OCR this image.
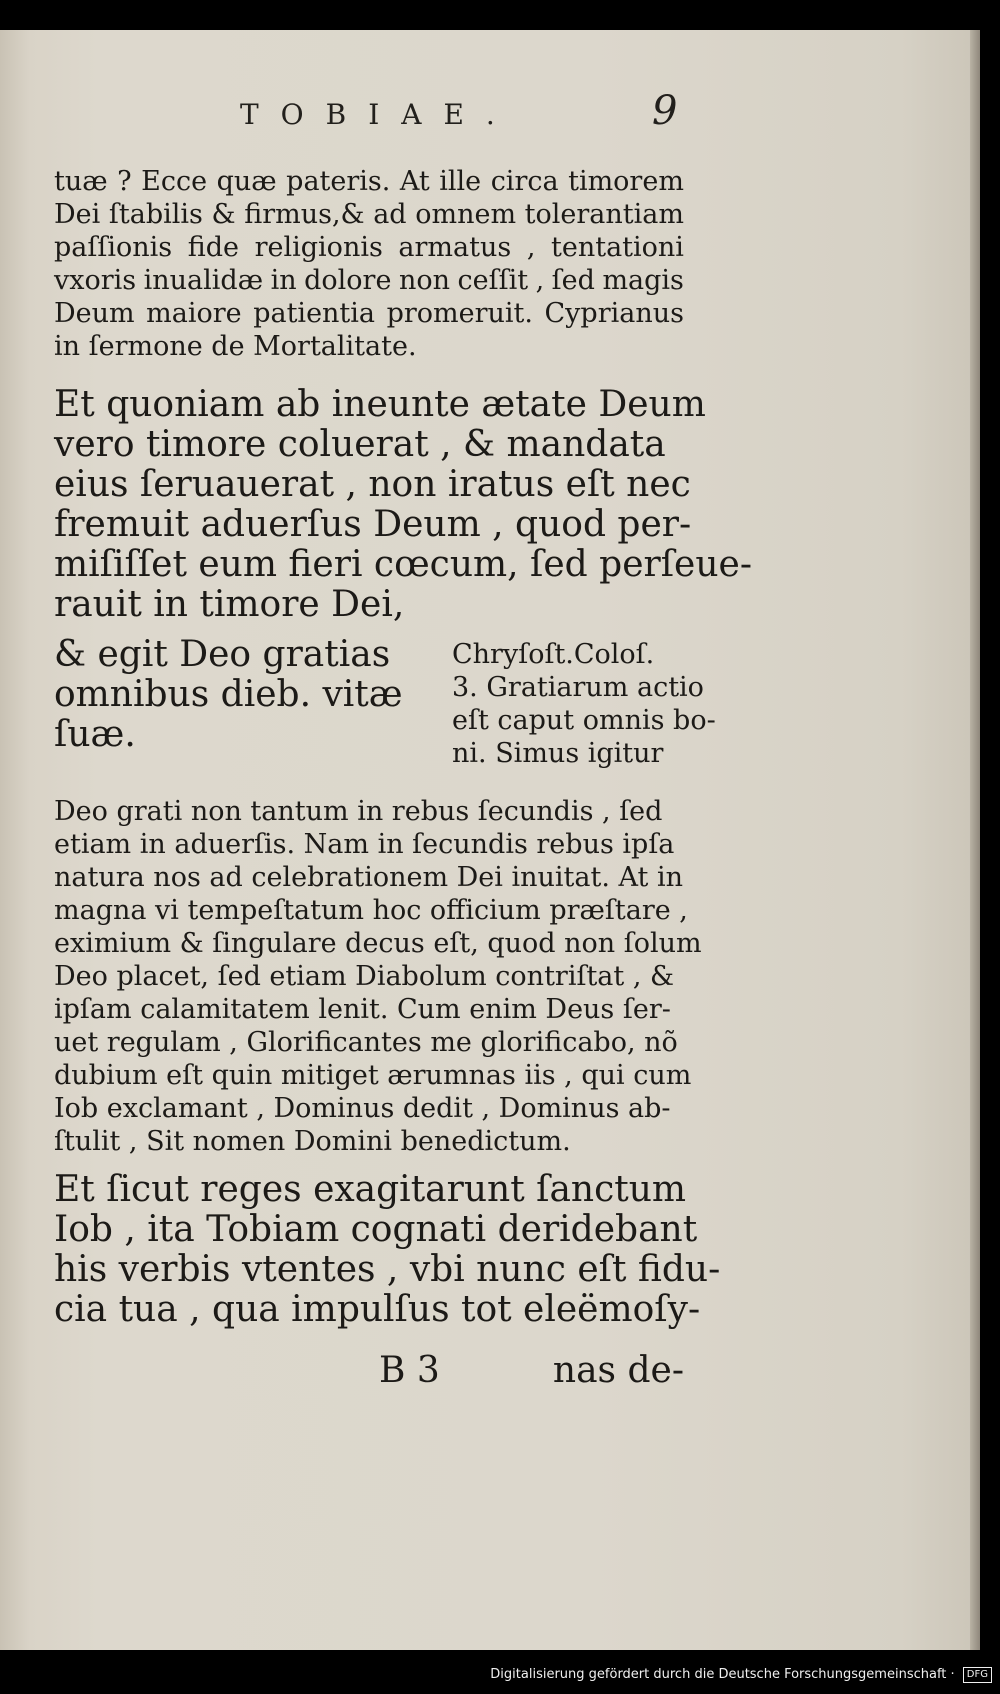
TOBIAE.	9
tuæ ? Ecce quæ pateris. At ille circa timorem
Dei ſtabilis & firmus,& ad omnem tolerantiam
paſſionis fide religionis armatus , tentationi
vxoris inualidæ in dolore non ceſſit , ſed magis
Deum maiore patientia promeruit. Cyprianus
in ſermone de Mortalitate.
Et quoniam ab ineunte ætate Deum
vero timore coluerat , & mandata
eius ſeruauerat , non iratus eſt nec
fremuit aduerſus Deum , quod per-
miſiſſet eum fieri cœcum, ſed perſeue-
rauit in timore Dei,
& egit Deo gratias
omnibus dieb. vitæ
ſuæ.
Chryſoſt.Coloſ.
3. Gratiarum actio
eſt caput omnis bo-
ni. Simus igitur
Deo grati non tantum in rebus ſecundis , ſed
etiam in aduerſis. Nam in ſecundis rebus ipſa
natura nos ad celebrationem Dei inuitat. At in
magna vi tempeſtatum hoc officium præſtare ,
eximium & ſingulare decus eſt, quod non ſolum
Deo placet, ſed etiam Diabolum contriſtat , &
ipſam calamitatem lenit. Cum enim Deus ſer-
uet regulam , Glorificantes me glorificabo, nõ
dubium eſt quin mitiget ærumnas iis , qui cum
Iob exclamant , Dominus dedit , Dominus ab-
ſtulit , Sit nomen Domini benedictum.
Et ſicut reges exagitarunt ſanctum
Iob , ita Tobiam cognati deridebant
his verbis vtentes , vbi nunc eſt fidu-
cia tua , qua impulſus tot eleëmoſy-
B 3	nas de-
Digitalisierung gefördert durch die Deutsche Forschungsgemeinschaft · DFG
